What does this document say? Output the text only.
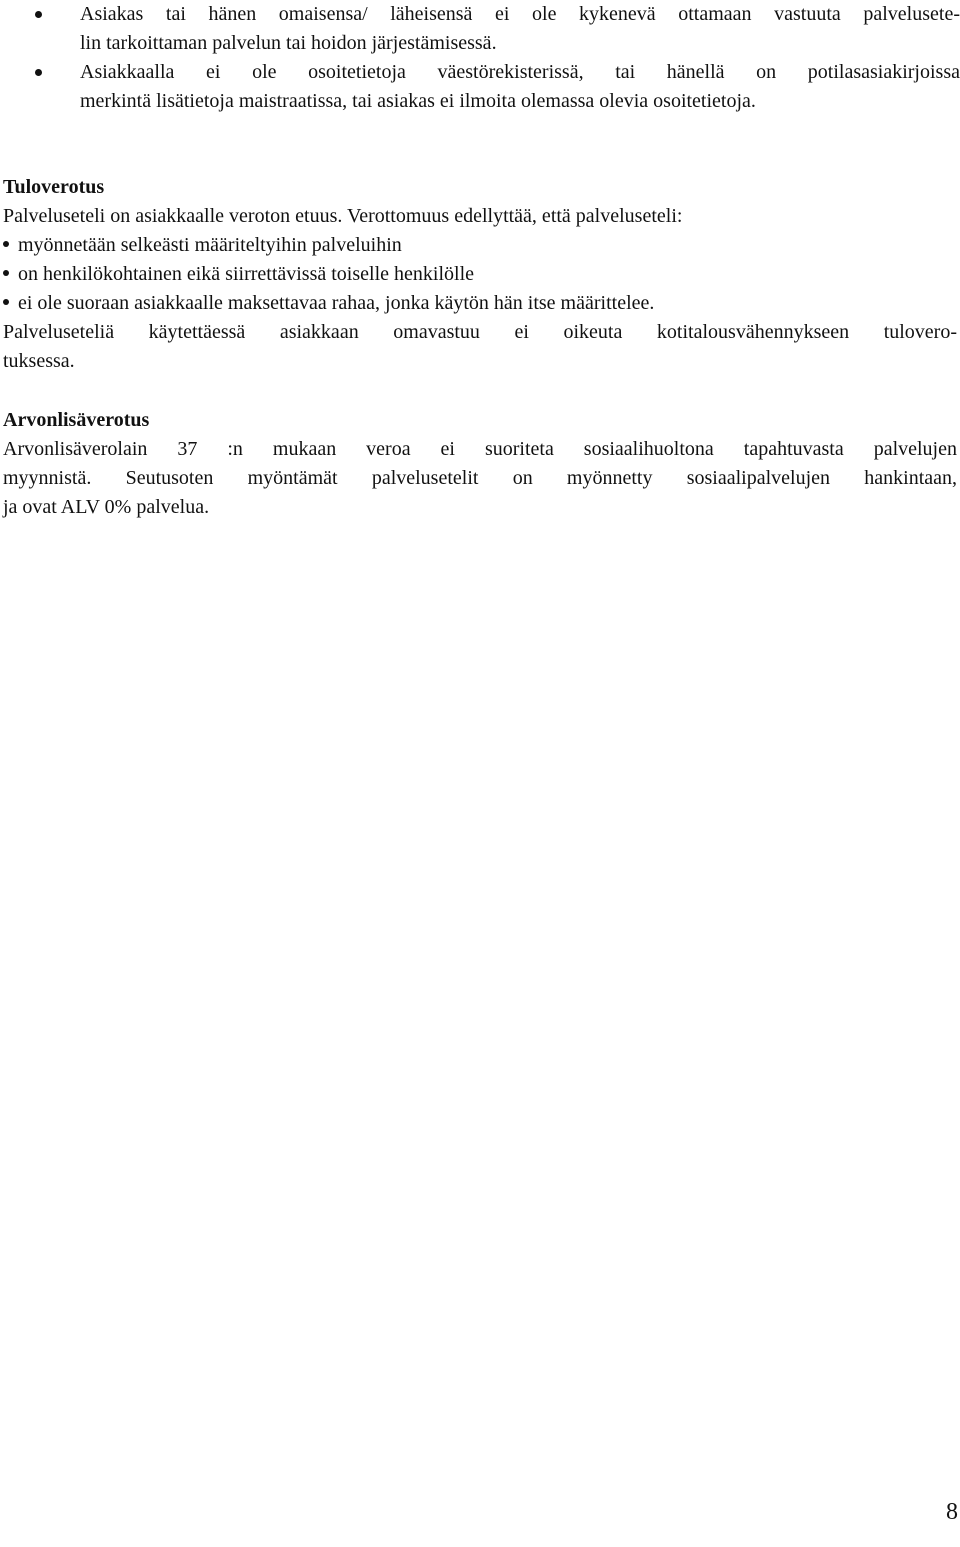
Asiakas tai hänen omaisensa/ läheisensä ei ole kykenevä ottamaan vastuuta palvelusete-
lin tarkoittaman palvelun tai hoidon järjestämisessä.
Asiakkaalla ei ole osoitetietoja väestörekisterissä, tai hänellä on potilasasiakirjoissa
merkintä lisätietoja maistraatissa, tai asiakas ei ilmoita olemassa olevia osoitetietoja.
Tuloverotus
Palveluseteli on asiakkaalle veroton etuus. Verottomuus edellyttää, että palveluseteli:
myönnetään selkeästi määriteltyihin palveluihin
on henkilökohtainen eikä siirrettävissä toiselle henkilölle
ei ole suoraan asiakkaalle maksettavaa rahaa, jonka käytön hän itse määrittelee.
Palveluseteliä käytettäessä asiakkaan omavastuu ei oikeuta kotitalousvähennykseen tulovero-
tuksessa.
Arvonlisäverotus
Arvonlisäverolain 37 :n mukaan veroa ei suoriteta sosiaalihuoltona tapahtuvasta palvelujen
myynnistä. Seutusoten myöntämät palvelusetelit on myönnetty sosiaalipalvelujen hankintaan,
ja ovat ALV 0% palvelua.
8
